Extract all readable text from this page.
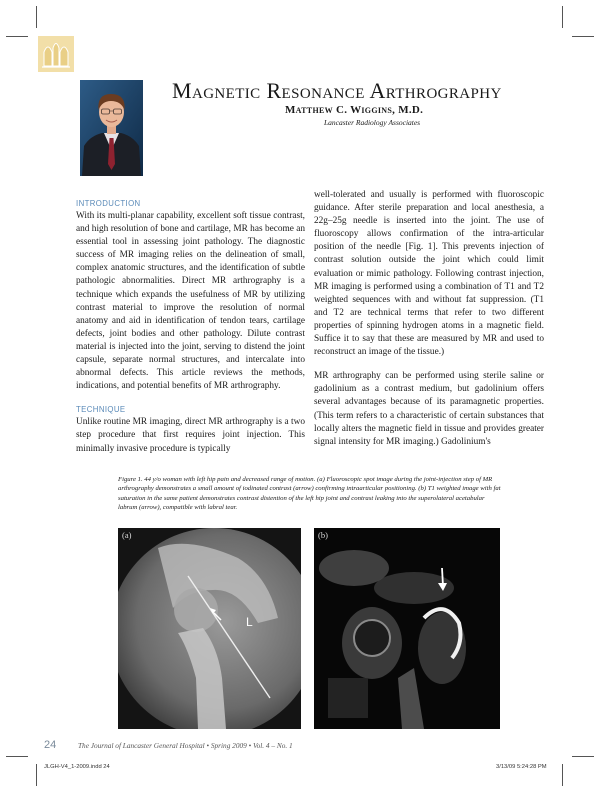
Magnetic Resonance Arthrography
Matthew C. Wiggins, M.D.
Lancaster Radiology Associates
INTRODUCTION

With its multi-planar capability, excellent soft tissue contrast, and high resolution of bone and cartilage, MR has become an essential tool in assessing joint pathology. The diagnostic success of MR imaging relies on the delineation of small, complex anatomic structures, and the identification of subtle pathologic abnormalities. Direct MR arthrography is a technique which expands the usefulness of MR by utilizing contrast material to improve the resolution of normal anatomy and aid in identification of tendon tears, cartilage defects, joint bodies and other pathology. Dilute contrast material is injected into the joint, serving to distend the joint capsule, separate normal structures, and intercalate into abnormal defects. This article reviews the methods, indications, and potential benefits of MR arthrography.

TECHNIQUE

Unlike routine MR imaging, direct MR arthrography is a two step procedure that first requires joint injection. This minimally invasive procedure is typically

well-tolerated and usually is performed with fluoroscopic guidance. After sterile preparation and local anesthesia, a 22g–25g needle is inserted into the joint. The use of fluoroscopy allows confirmation of the intra-articular position of the needle [Fig. 1]. This prevents injection of contrast solution outside the joint which could limit evaluation or mimic pathology. Following contrast injection, MR imaging is performed using a combination of T1 and T2 weighted sequences with and without fat suppression. (T1 and T2 are technical terms that refer to two different properties of spinning hydrogen atoms in a magnetic field. Suffice it to say that these are measured by MR and used to reconstruct an image of the tissue.)

MR arthrography can be performed using sterile saline or gadolinium as a contrast medium, but gadolinium offers several advantages because of its paramagnetic properties. (This term refers to a characteristic of certain substances that locally alters the magnetic field in tissue and provides greater signal intensity for MR imaging.) Gadolinium's

Figure 1. 44 y/o woman with left hip pain and decreased range of motion. (a) Fluoroscopic spot image during the joint-injection step of MR arthrography demonstrates a small amount of iodinated contrast (arrow) confirming intraarticular positioning. (b) T1 weighted image with fat saturation in the same patient demonstrates contrast distention of the left hip joint and contrast leaking into the superolateral acetabular labrum (arrow), compatible with labral tear.
(a)
L
(b)
24	The Journal of Lancaster General Hospital • Spring 2009 • Vol. 4 – No. 1
JLGH-V4_1-2009.indd 24	3/13/09 5:24:28 PM
